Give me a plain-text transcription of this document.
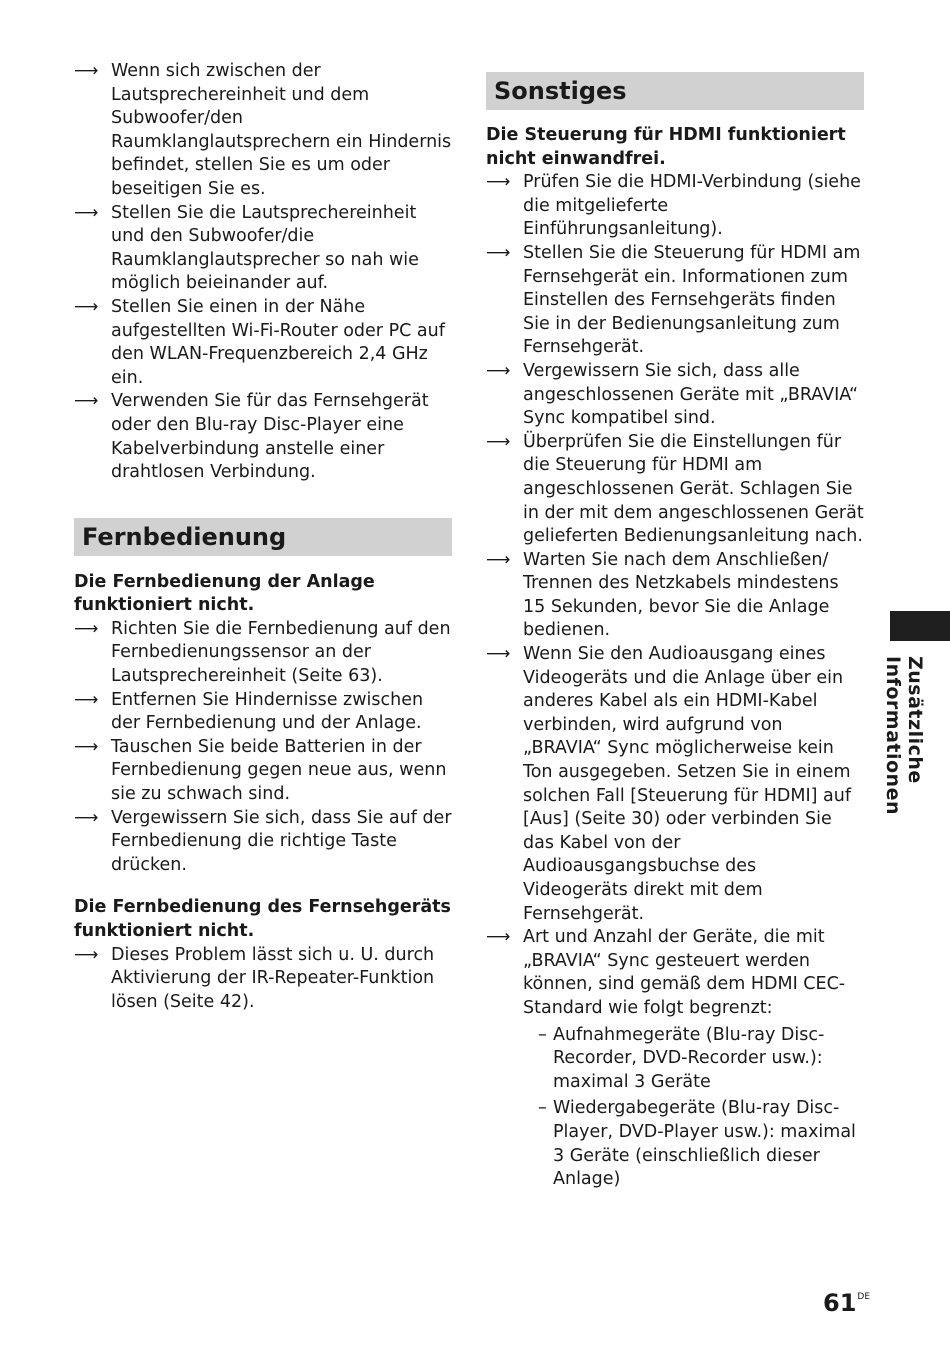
⟶ Wenn sich zwischen der Lautsprechereinheit und dem Subwoofer/den Raumklanglautsprechern ein Hindernis befindet, stellen Sie es um oder beseitigen Sie es.
⟶ Stellen Sie die Lautsprechereinheit und den Subwoofer/die Raumklanglautsprecher so nah wie möglich beieinander auf.
⟶ Stellen Sie einen in der Nähe aufgestellten Wi-Fi-Router oder PC auf den WLAN-Frequenzbereich 2,4 GHz ein.
⟶ Verwenden Sie für das Fernsehgerät oder den Blu-ray Disc-Player eine Kabelverbindung anstelle einer drahtlosen Verbindung.
Fernbedienung

Die Fernbedienung der Anlage funktioniert nicht.

⟶ Richten Sie die Fernbedienung auf den Fernbedienungssensor an der Lautsprechereinheit (Seite 63).
⟶ Entfernen Sie Hindernisse zwischen der Fernbedienung und der Anlage.
⟶ Tauschen Sie beide Batterien in der Fernbedienung gegen neue aus, wenn sie zu schwach sind.
⟶ Vergewissern Sie sich, dass Sie auf der Fernbedienung die richtige Taste drücken.

Die Fernbedienung des Fernsehgeräts funktioniert nicht.

⟶ Dieses Problem lässt sich u. U. durch Aktivierung der IR-Repeater-Funktion lösen (Seite 42).
Sonstiges

Die Steuerung für HDMI funktioniert nicht einwandfrei.

⟶ Prüfen Sie die HDMI-Verbindung (siehe die mitgelieferte Einführungsanleitung).
⟶ Stellen Sie die Steuerung für HDMI am Fernsehgerät ein. Informationen zum Einstellen des Fernsehgeräts finden Sie in der Bedienungsanleitung zum Fernsehgerät.
⟶ Vergewissern Sie sich, dass alle angeschlossenen Geräte mit „BRAVIA“ Sync kompatibel sind.
⟶ Überprüfen Sie die Einstellungen für die Steuerung für HDMI am angeschlossenen Gerät. Schlagen Sie in der mit dem angeschlossenen Gerät gelieferten Bedienungsanleitung nach.
⟶ Warten Sie nach dem Anschließen/ Trennen des Netzkabels mindestens 15 Sekunden, bevor Sie die Anlage bedienen.
⟶ Wenn Sie den Audioausgang eines Videogeräts und die Anlage über ein anderes Kabel als ein HDMI-Kabel verbinden, wird aufgrund von „BRAVIA“ Sync möglicherweise kein Ton ausgegeben. Setzen Sie in einem solchen Fall [Steuerung für HDMI] auf [Aus] (Seite 30) oder verbinden Sie das Kabel von der Audioausgangsbuchse des Videogeräts direkt mit dem Fernsehgerät.
⟶ Art und Anzahl der Geräte, die mit „BRAVIA“ Sync gesteuert werden können, sind gemäß dem HDMI CEC-Standard wie folgt begrenzt:
– Aufnahmegeräte (Blu-ray Disc-Recorder, DVD-Recorder usw.): maximal 3 Geräte
– Wiedergabegeräte (Blu-ray Disc-Player, DVD-Player usw.): maximal 3 Geräte (einschließlich dieser Anlage)
Zusätzliche Informationen
61DE
